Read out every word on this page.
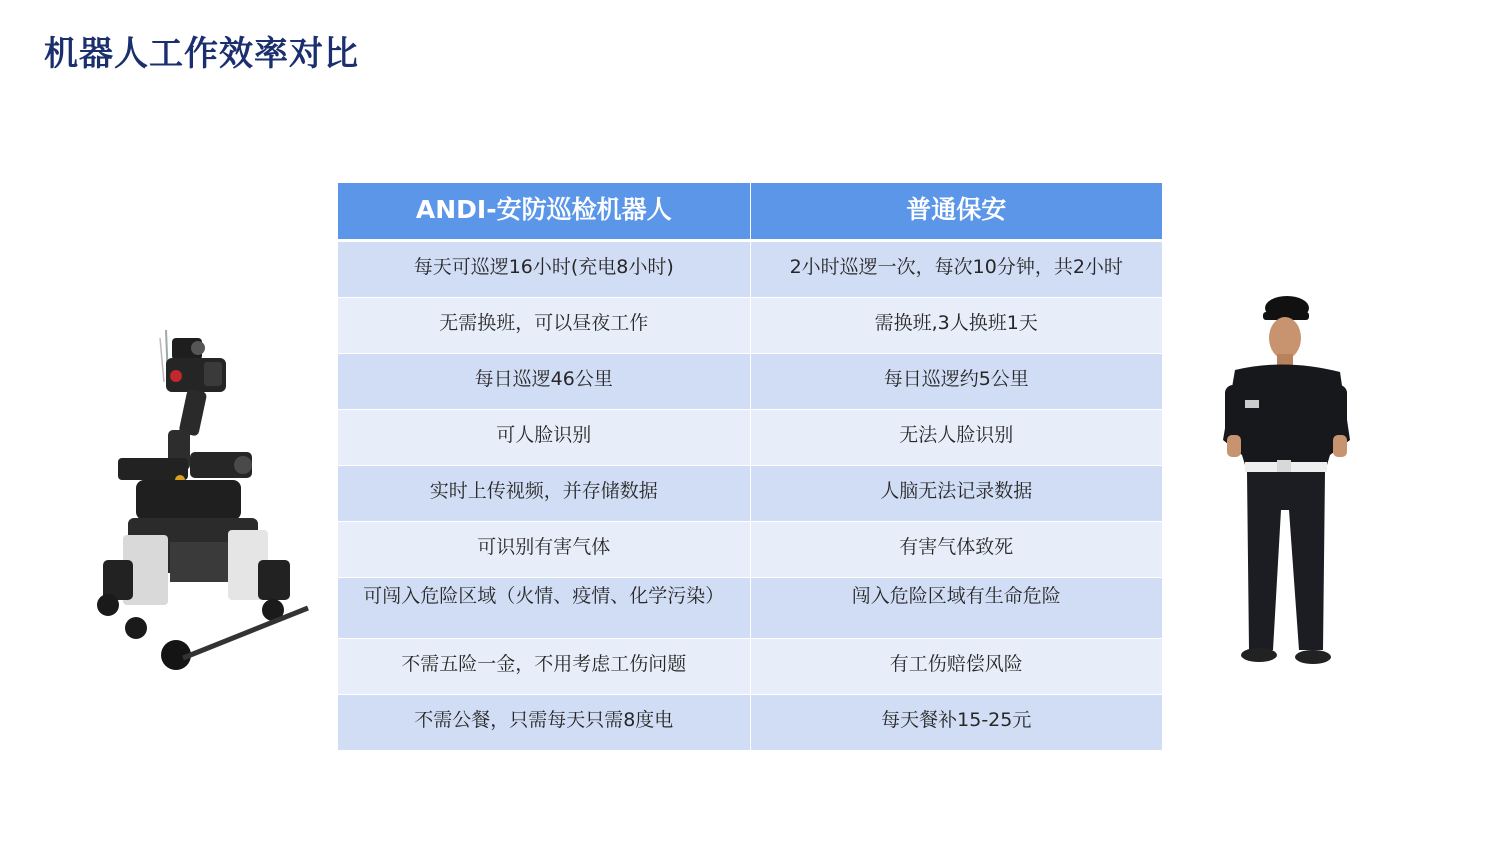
机器人工作效率对比
ANDI-安防巡检机器人	普通保安
每天可巡逻16小时(充电8小时)	2小时巡逻一次，每次10分钟，共2小时
无需换班，可以昼夜工作	需换班,3人换班1天
每日巡逻46公里	每日巡逻约5公里
可人脸识别	无法人脸识别
实时上传视频，并存储数据	人脑无法记录数据
可识别有害气体	有害气体致死
可闯入危险区域（火情、疫情、化学污染）	闯入危险区域有生命危险
不需五险一金，不用考虑工伤问题	有工伤赔偿风险
不需公餐，只需每天只需8度电	每天餐补15-25元
